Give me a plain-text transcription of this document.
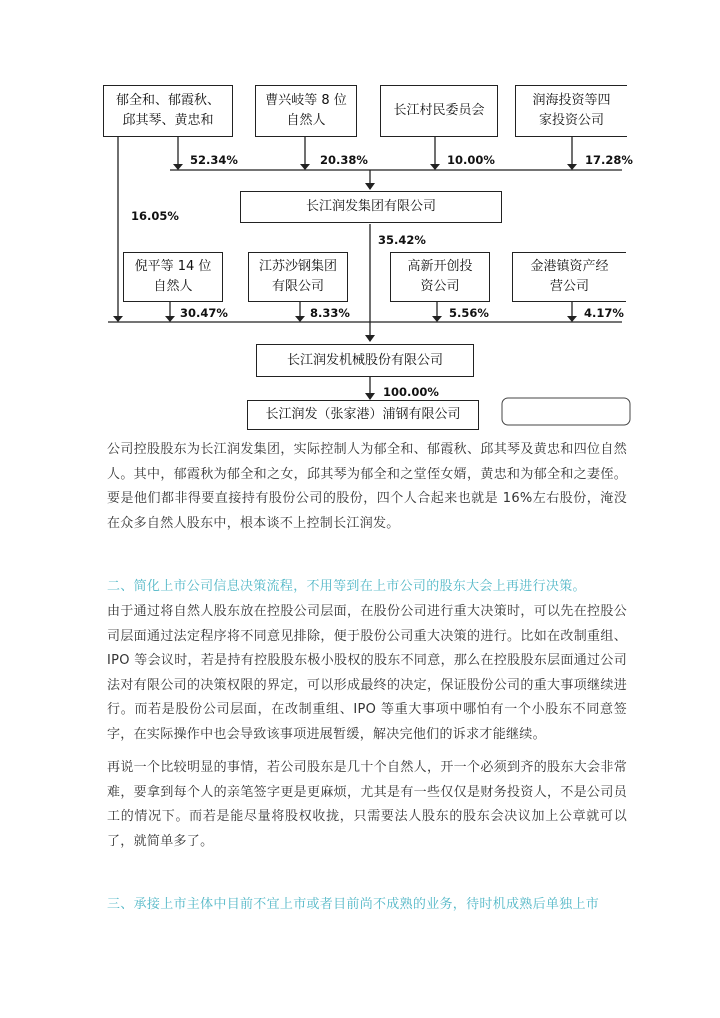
郁全和、郁霞秋、
邱其琴、黄忠和
曹兴岐等 8 位
自然人
长江村民委员会
润海投资等四
家投资公司
52.34%	20.38%	10.00%	17.28%
长江润发集团有限公司
16.05%
35.42%
倪平等 14 位
自然人
江苏沙钢集团
有限公司
高新开创投
资公司
金港镇资产经
营公司
30.47%	8.33%	5.56%	4.17%
长江润发机械股份有限公司
100.00%
长江润发（张家港）浦钢有限公司

公司控股股东为长江润发集团，实际控制人为郁全和、郁霞秋、邱其琴及黄忠和四位自然人。其中，郁霞秋为郁全和之女，邱其琴为郁全和之堂侄女婿，黄忠和为郁全和之妻侄。要是他们都非得要直接持有股份公司的股份，四个人合起来也就是 16%左右股份，淹没在众多自然人股东中，根本谈不上控制长江润发。

二、简化上市公司信息决策流程，不用等到在上市公司的股东大会上再进行决策。

由于通过将自然人股东放在控股公司层面，在股份公司进行重大决策时，可以先在控股公司层面通过法定程序将不同意见排除，便于股份公司重大决策的进行。比如在改制重组、IPO 等会议时，若是持有控股股东极小股权的股东不同意，那么在控股股东层面通过公司法对有限公司的决策权限的界定，可以形成最终的决定，保证股份公司的重大事项继续进行。而若是股份公司层面，在改制重组、IPO 等重大事项中哪怕有一个小股东不同意签字，在实际操作中也会导致该事项进展暂缓，解决完他们的诉求才能继续。

再说一个比较明显的事情，若公司股东是几十个自然人，开一个必须到齐的股东大会非常难，要拿到每个人的亲笔签字更是更麻烦，尤其是有一些仅仅是财务投资人，不是公司员工的情况下。而若是能尽量将股权收拢，只需要法人股东的股东会决议加上公章就可以了，就简单多了。

三、承接上市主体中目前不宜上市或者目前尚不成熟的业务，待时机成熟后单独上市
